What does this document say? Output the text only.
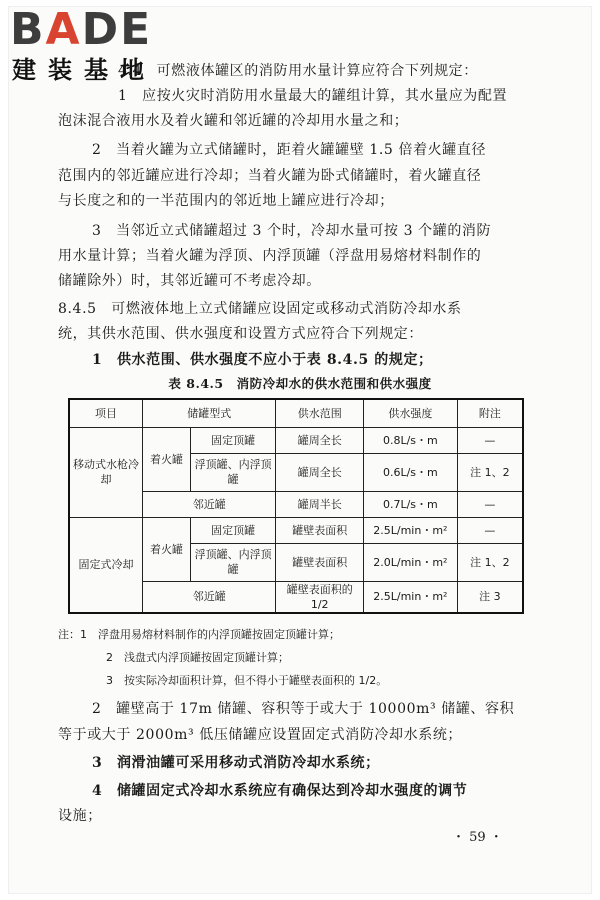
BADE
建装基地
4.4　可燃液体罐区的消防用水量计算应符合下列规定：
1　应按火灾时消防用水量最大的罐组计算，其水量应为配置
泡沫混合液用水及着火罐和邻近罐的冷却用水量之和；
2　当着火罐为立式储罐时，距着火罐罐壁 1.5 倍着火罐直径
范围内的邻近罐应进行冷却；当着火罐为卧式储罐时，着火罐直径
与长度之和的一半范围内的邻近地上罐应进行冷却；
3　当邻近立式储罐超过 3 个时，冷却水量可按 3 个罐的消防
用水量计算；当着火罐为浮顶、内浮顶罐（浮盘用易熔材料制作的
储罐除外）时，其邻近罐可不考虑冷却。
8.4.5　可燃液体地上立式储罐应设固定或移动式消防冷却水系
统，其供水范围、供水强度和设置方式应符合下列规定：
1　供水范围、供水强度不应小于表 8.4.5 的规定；
表 8.4.5　消防冷却水的供水范围和供水强度
项目	储罐型式		供水范围	供水强度	附注
移动式水枪冷却	着火罐	固定顶罐	罐周全长	0.8L/s・m	—
		浮顶罐、内浮顶罐	罐周全长	0.6L/s・m	注 1、2
	邻近罐		罐周半长	0.7L/s・m	—
固定式冷却	着火罐	固定顶罐	罐壁表面积	2.5L/min・m²	—
		浮顶罐、内浮顶罐	罐壁表面积	2.0L/min・m²	注 1、2
	邻近罐		罐壁表面积的 1/2	2.5L/min・m²	注 3
注：1　浮盘用易熔材料制作的内浮顶罐按固定顶罐计算；
2　浅盘式内浮顶罐按固定顶罐计算；
3　按实际冷却面积计算，但不得小于罐壁表面积的 1/2。
2　罐壁高于 17m 储罐、容积等于或大于 10000m³ 储罐、容积
等于或大于 2000m³ 低压储罐应设置固定式消防冷却水系统；
3　润滑油罐可采用移动式消防冷却水系统；
4　储罐固定式冷却水系统应有确保达到冷却水强度的调节
设施；
・ 59 ・
